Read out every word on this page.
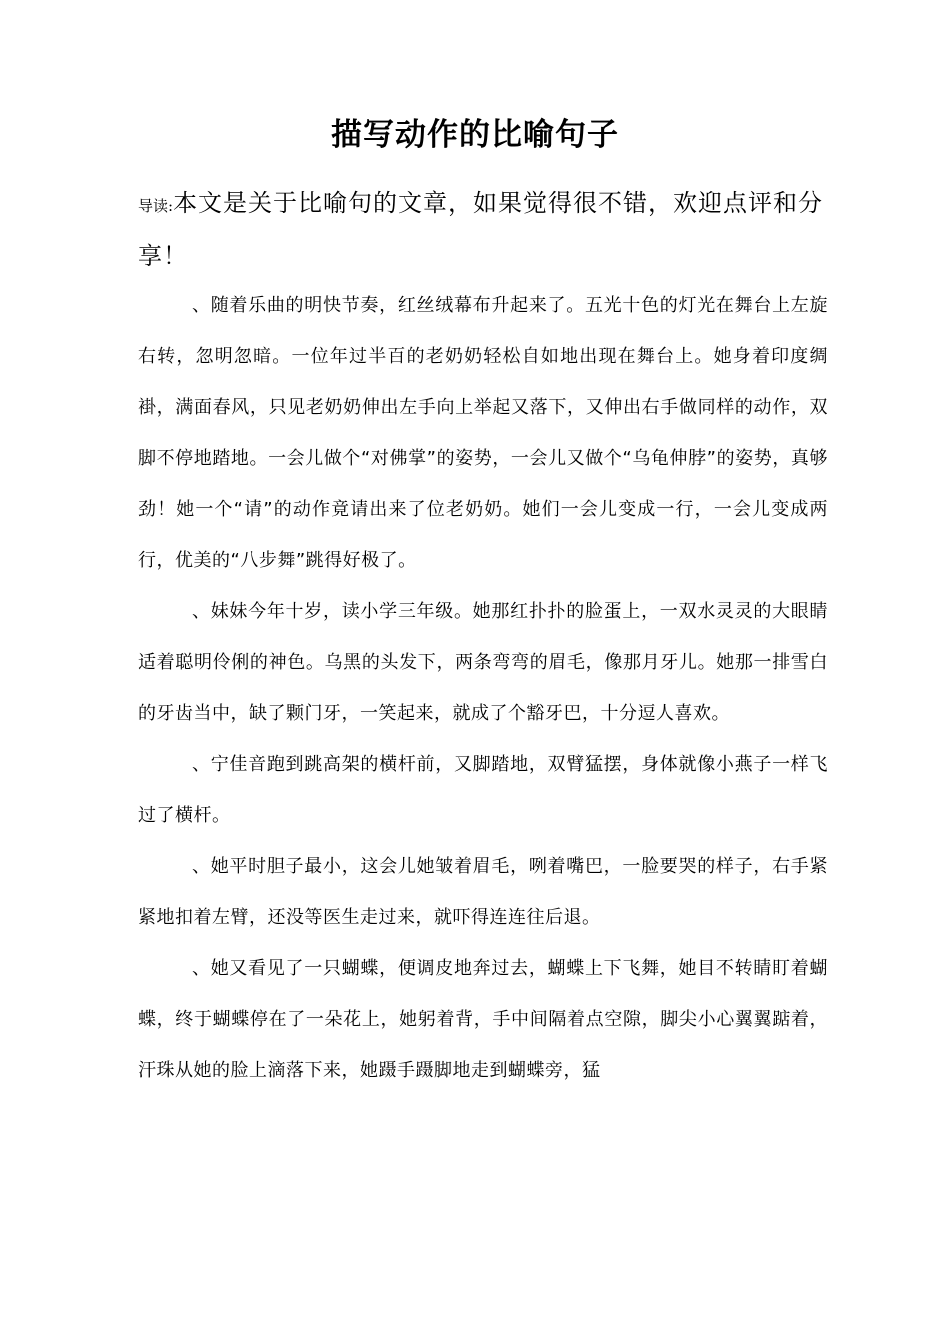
描写动作的比喻句子

导读:本文是关于比喻句的文章，如果觉得很不错，欢迎点评和分享！

、随着乐曲的明快节奏，红丝绒幕布升起来了。五光十色的灯光在舞台上左旋右转，忽明忽暗。一位年过半百的老奶奶轻松自如地出现在舞台上。她身着印度绸褂，满面春风，只见老奶奶伸出左手向上举起又落下，又伸出右手做同样的动作，双脚不停地踏地。一会儿做个“对佛掌”的姿势，一会儿又做个“乌龟伸脖”的姿势，真够劲！她一个“请”的动作竟请出来了位老奶奶。她们一会儿变成一行，一会儿变成两行，优美的“八步舞”跳得好极了。

、妹妹今年十岁，读小学三年级。她那红扑扑的脸蛋上，一双水灵灵的大眼睛适着聪明伶俐的神色。乌黑的头发下，两条弯弯的眉毛，像那月牙儿。她那一排雪白的牙齿当中，缺了颗门牙，一笑起来，就成了个豁牙巴，十分逗人喜欢。

、宁佳音跑到跳高架的横杆前，又脚踏地，双臂猛摆，身体就像小燕子一样飞过了横杆。

、她平时胆子最小，这会儿她皱着眉毛，咧着嘴巴，一脸要哭的样子，右手紧紧地扣着左臂，还没等医生走过来，就吓得连连往后退。

、她又看见了一只蝴蝶，便调皮地奔过去，蝴蝶上下飞舞，她目不转睛盯着蝴蝶，终于蝴蝶停在了一朵花上，她躬着背，手中间隔着点空隙，脚尖小心翼翼踮着，汗珠从她的脸上滴落下来，她蹑手蹑脚地走到蝴蝶旁，猛
